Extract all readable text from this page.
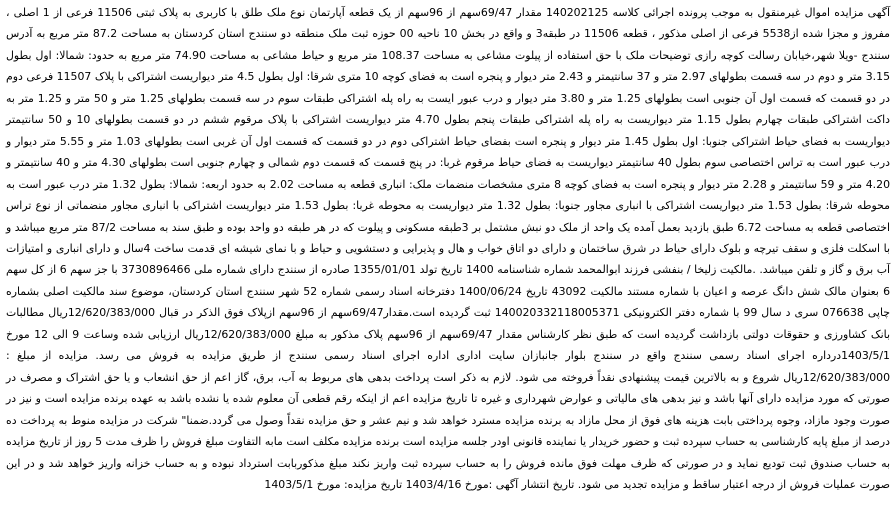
آگهی مزایده اموال غیرمنقول به موجب پرونده اجرائی کلاسه 140202125 مقدار 69/47سهم از 96سهم از یک قطعه آپارتمان نوع ملک طلق با کاربری به پلاک ثبتی 11506 فرعی از 1 اصلی ، مفروز و مجزا شده از5538 فرعی از اصلی مذکور ، قطعه 11506 در طبقه3 و واقع در بخش 10 ناحیه 00 حوزه ثبت ملک منطقه دو سنندج استان کردستان به مساحت 87.2 متر مربع به آدرس سنندج -ویلا شهر،خیابان رسالت کوچه رازی توضیحات ملک با حق استفاده از پیلوت مشاعی به مساحت 108.37 متر مربع و حیاط مشاعی به مساحت 74.90 متر مربع به حدود: شمالا: اول بطول 3.15 متر و دوم در سه قسمت بطولهای 2.97 متر و 37 سانتیمتر و 2.43 متر دیوار و پنجره است به فضای کوچه 10 متری شرقا: اول بطول 4.5 متر دیواریست اشتراکی با پلاک 11507 فرعی دوم در دو قسمت که قسمت اول آن جنوبی است بطولهای 1.25 متر و 3.80 متر دیوار و درب عبور ایست به راه پله اشتراکی طبقات سوم در سه قسمت بطولهای 1.25 متر و 50 متر و 1.25 متر به داکت اشتراکی طبقات چهارم بطول 1.15 متر دیواریست به راه پله اشتراکی طبقات پنجم بطول 4.70 متر دیواریست اشتراکی با پلاک مرقوم ششم در دو قسمت بطولهای 10 و 50 سانتیمتر دیواریست به فضای حیاط اشتراکی جنوبا: اول بطول 1.45 متر دیوار و پنجره است بفضای حیاط اشتراکی دوم در دو قسمت که قسمت اول آن غربی است بطولهای 1.03 متر و 5.55 متر دیوار و درب عبور است به تراس اختصاصی سوم بطول 40 سانتیمتر دیواریست به فضای حیاط مرقوم غربا: در پنج قسمت که قسمت دوم شمالی و چهارم جنوبی است بطولهای 4.30 متر و 40 سانتیمتر و 4.20 متر و 59 سانتیمتر و 2.28 متر دیوار و پنجره است به فضای کوچه 8 متری مشخصات منضمات ملک: انباری قطعه به مساحت 2.02 به حدود اربعه: شمالا: بطول 1.32 متر درب عبور است به محوطه شرقا: بطول 1.53 متر دیواریست اشتراکی با انباری مجاور جنوبا: بطول 1.32 متر دیواریست به محوطه غربا: بطول 1.53 متر دیواریست اشتراکی با انباری مجاور منضماتی از نوع تراس اختصاصی قطعه به مساحت 6.72 طبق بازدید بعمل آمده یک واحد از ملک دو نبش مشتمل بر 3طبقه مسکونی و پیلوت که در هر طبقه دو واحد بوده و طبق سند به مساحت 87/2 متر مربع میباشد و با اسکلت فلزی و سقف تیرچه و بلوک دارای حیاط در شرق ساختمان و دارای دو اتاق خواب و هال و پذیرایی و دستشویی و حیاط و با نمای شیشه ای قدمت ساخت 4سال و دارای انباری و امتیازات آب برق و گاز و تلفن میباشد. .مالکیت زلیخا / بنفشی فرزند ابوالمحمد شماره شناسنامه 1400 تاریخ تولد 1355/01/01 صادره از سنندج دارای شماره ملی 3730896466 با جز سهم 6 از کل سهم 6 بعنوان مالک شش دانگ عرصه و اعیان با شماره مستند مالکیت 43092 تاریخ 1400/06/24 دفترخانه اسناد رسمی شماره 52 شهر سنندج استان کردستان، موضوع سند مالکیت اصلی بشماره چاپی 076638 سری د سال 99 با شماره دفتر الکترونیکی 140020332118005371 ثبت گردیده است.مقدار69/47سهم از 96سهم ازپلاک فوق الذکر در قبال 12/620/383/000ریال مطالبات بانک کشاورزی و حقوقات دولتی بازداشت گردیده است که طبق نظر کارشناس مقدار 69/47سهم از 96سهم پلاک مذکور به مبلغ 12/620/383/000ریال ارزیابی شده وساعت 9 الی 12 مورخ 1403/5/1درداره اجرای اسناد رسمی سنندج واقع در سنندج بلوار جانبازان سایت اداری اداره اجرای اسناد رسمی سنندج از طریق مزایده به فروش می رسد. مزایده از مبلغ : 12/620/383/000ریال شروع و به بالاترین قیمت پیشنهادی نقداً فروخته می شود. لازم به ذکر است پرداخت بدهی های مربوط به آب، برق، گاز اعم از حق انشعاب و یا حق اشتراک و مصرف در صورتی که مورد مزایده دارای آنها باشد و نیز بدهی های مالیاتی و عوارض شهرداری و غیره تا تاریخ مزایده اعم از اینکه رقم قطعی آن معلوم شده یا نشده باشد به عهده برنده مزایده است و نیز در صورت وجود مازاد، وجوه پرداختی بابت هزینه های فوق از محل مازاد به برنده مزایده مسترد خواهد شد و نیم عشر و حق مزایده نقداً وصول می گردد.ضمنا" شرکت در مزایده منوط به پرداخت ده درصد از مبلغ پایه کارشناسی به حساب سپرده ثبت و حضور خریدار یا نماینده قانونی اودر جلسه مزایده است برنده مزایده مکلف است مابه التفاوت مبلغ فروش را ظرف مدت 5 روز از تاریخ مزایده به حساب صندوق ثبت تودیع نماید و در صورتی که ظرف مهلت فوق مانده فروش را به حساب سپرده ثبت واریز نکند مبلغ مذکوربابت استرداد نبوده و به حساب خزانه واریز خواهد شد و در این صورت عملیات فروش از درجه اعتبار ساقط و مزایده تجدید می شود. تاریخ انتشار آگهی :مورخ 1403/4/16 تاریخ مزایده: مورخ 1403/5/1
